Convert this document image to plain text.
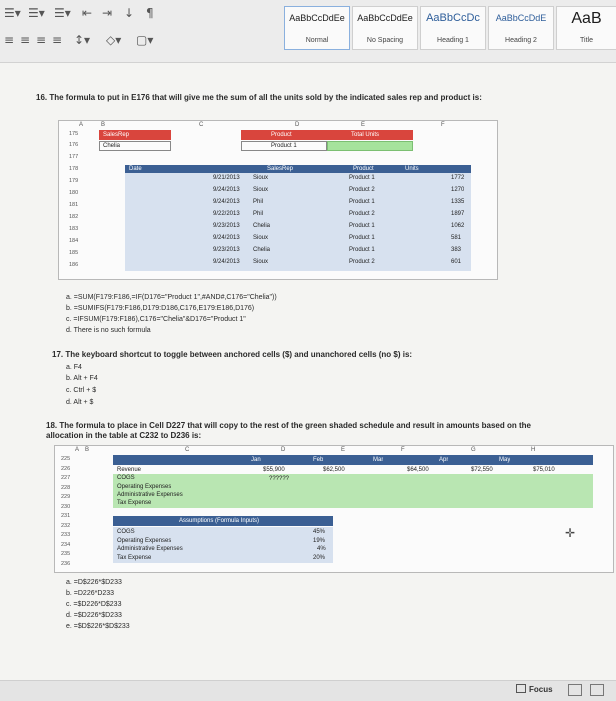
☰▾ ☰▾ ☰▾ ⇤ ⇥ ↓ ¶
≡ ≡ ≡ ≡ ↕▾ ◇▾ ▢▾
AaBbCcDdEe
Normal
AaBbCcDdEe
No Spacing
AaBbCcDc
Heading 1
AaBbCcDdE
Heading 2
AaB
Title
16. The formula to put in E176 that will give me the sum of all the units sold by the indicated sales rep and product is:
A	B	C	D	E	F
175
176
177
178
179
180
181
182
183
184
185
186
SalesRep	Product	Total Units
Chelia	Product 1
Date	SalesRep	Product	Units
9/21/2013 Sioux	Product 1	1772
9/24/2013 Sioux	Product 2	1270
9/24/2013 Phil	Product 1	1335
9/22/2013 Phil	Product 2	1897
9/23/2013 Chelia	Product 1	1062
9/24/2013 Sioux	Product 1	581
9/23/2013 Chelia	Product 1	383
9/24/2013 Sioux	Product 2	601
a. =SUM(F179:F186,=IF(D176="Product 1",#AND#,C176="Chelia"))
b. =SUMIFS(F179:F186,D179:D186,C176,E179:E186,D176)
c. =IFSUM(F179:F186),C176="Chelia"&D176="Product 1"
d. There is no such formula
17. The keyboard shortcut to toggle between anchored cells ($) and unanchored cells (no $) is:
a. F4
b. Alt + F4
c. Ctrl + $
d. Alt + $
18. The formula to place in Cell D227 that will copy to the rest of the green shaded schedule and result in amounts based on the allocation in the table at C232 to D236 is:
A B	C	D	E	F	G	H
225
226
227
228
229
230
231
232
233
234
235
236
Jan	Feb	Mar	Apr	May
Revenue	$55,900	$62,500	$64,500	$72,550	$75,010
COGS
Operating Expenses
Administrative Expenses
Tax Expense
??????
Assumptions (Formula Inputs)
COGS
Operating Expenses
Administrative Expenses
Tax Expense
45%
19%
4%
20%
✛
a. =D$226*$D233
b. =D226*D233
c. =$D226*D$233
d. =$D226*$D233
e. =$D$226*$D$233
Focus
